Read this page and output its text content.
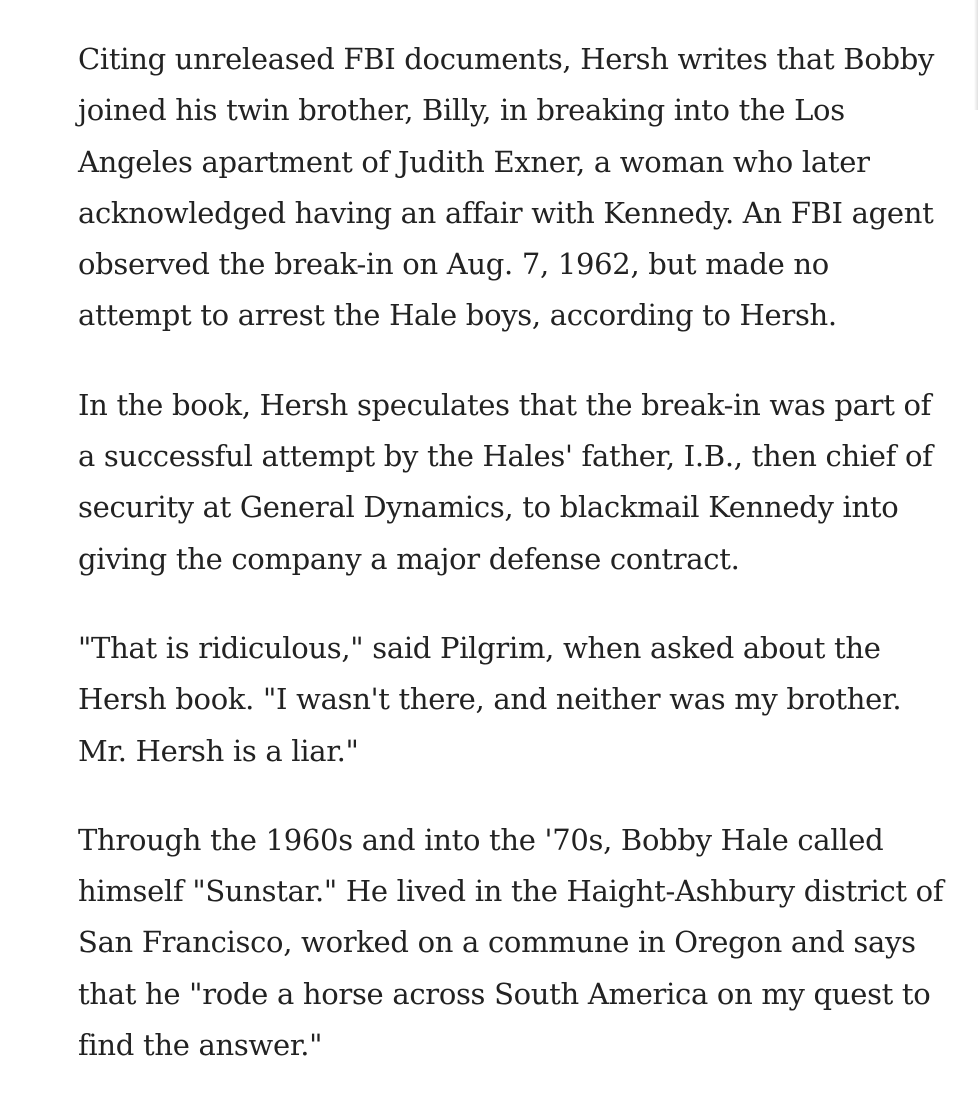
Citing unreleased FBI documents, Hersh writes that Bobby joined his twin brother, Billy, in breaking into the Los Angeles apartment of Judith Exner, a woman who later acknowledged having an affair with Kennedy. An FBI agent observed the break-in on Aug. 7, 1962, but made no attempt to arrest the Hale boys, according to Hersh.

In the book, Hersh speculates that the break-in was part of a successful attempt by the Hales' father, I.B., then chief of security at General Dynamics, to blackmail Kennedy into giving the company a major defense contract.

"That is ridiculous," said Pilgrim, when asked about the Hersh book. "I wasn't there, and neither was my brother. Mr. Hersh is a liar."

Through the 1960s and into the '70s, Bobby Hale called himself "Sunstar." He lived in the Haight-Ashbury district of San Francisco, worked on a commune in Oregon and says that he "rode a horse across South America on my quest to find the answer."
